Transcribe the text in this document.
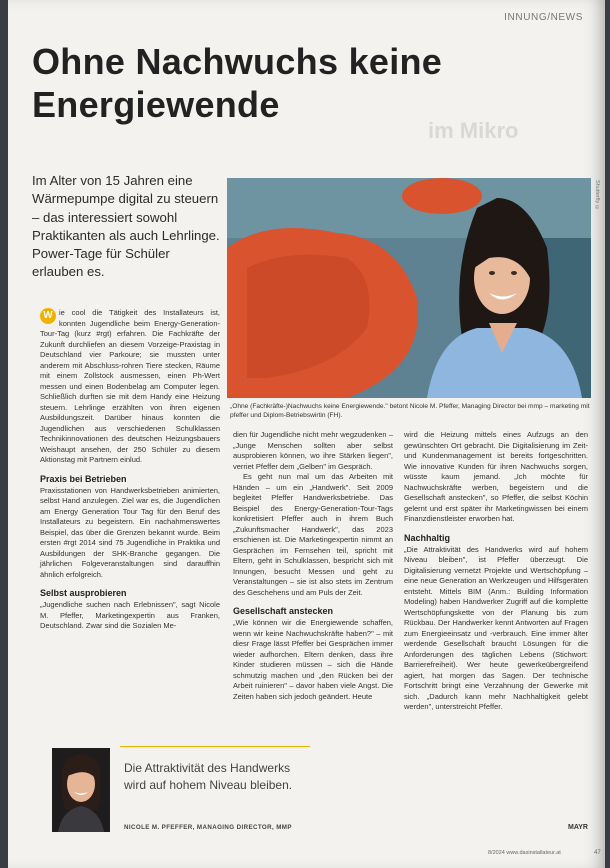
INNUNG/NEWS
im Mikro
Ohne Nachwuchs keine Energiewende
Im Alter von 15 Jahren eine Wärmepumpe digital zu steuern – das interessiert sowohl Praktikanten als auch Lehrlinge. Power-Tage für Schüler erlauben es.
Shutterfly ©
„Ohne (Fachkräfte-)Nachwuchs keine Energiewende." betont Nicole M. Pfeffer, Managing Director bei mmp – marketing mit pfeffer und Diplom-Betriebswirtin (FH).

W ie cool die Tätigkeit des Installateurs ist, konnten Jugendliche beim Energy-Generation-Tour-Tag (kurz #rgt) erfahren. Die Fachkräfte der Zukunft durchliefen an diesem Vorzeige-Praxistag in Deutschland vier Parkoure; sie mussten unter anderem mit Abschluss-rohren Tiere stecken, Räume mit einem Zollstock ausmessen, einen Ph-Wert messen und einen Bodenbelag am Computer legen. Schließlich durften sie mit dem Handy eine Heizung steuern. Lehrlinge erzählten von ihren eigenen Ausbildungszeit. Darüber hinaus konnten die Jugendlichen aus verschiedenen Schulklassen Technikinnovationen des deutschen Heizungsbauers Weishaupt ansehen, der 250 Schüler zu diesem Aktionstag mit Partnern einlud.

Praxis bei Betrieben

Praxisstationen von Handwerksbetrieben animierten, selbst Hand anzulegen. Ziel war es, die Jugendlichen am Energy Generation Tour Tag für den Beruf des Installateurs zu begeistern. Ein nachahmenswertes Beispiel, das über die Grenzen bekannt wurde. Beim ersten #rgt 2014 sind 75 Jugendliche in Praktika und Ausbildungen der SHK-Branche gegangen. Die jährlichen Folgeveranstaltungen sind darauffhin ähnlich erfolgreich.

Selbst ausprobieren

„Jugendliche suchen nach Erlebnissen", sagt Nicole M. Pfeffer, Marketingexpertin aus Franken, Deutschland. Zwar sind die Sozialen Me-

dien für Jugendliche nicht mehr wegzudenken – „Junge Menschen sollten aber selbst ausprobieren können, wo ihre Stärken liegen", verriet Pfeffer dem „Gelben" im Gespräch.

Es geht nun mal um das Arbeiten mit Händen – um ein „Handwerk". Seit 2009 begleitet Pfeffer Handwerksbetriebe. Das Beispiel des Energy-Generation-Tour-Tags konkretisiert Pfeffer auch in ihrem Buch „Zukunftsmacher Handwerk", das 2023 erschienen ist. Die Marketingexpertin nimmt an Gesprächen im Fernsehen teil, spricht mit Eltern, geht in Schulklassen, bespricht sich mit Innungen, besucht Messen und geht zu Veranstaltungen – sie ist also stets im Zentrum des Geschehens und am Puls der Zeit.

Gesellschaft anstecken

„Wie können wir die Energiewende schaffen, wenn wir keine Nachwuchskräfte haben?" – mit diesr Frage lässt Pfeffer bei Gesprächen immer wieder aufhorchen. Eltern denken, dass ihre Kinder studieren müssen – sich die Hände schmutzig machen und „den Rücken bei der Arbeit ruinieren" – davor haben viele Angst. Die Zeiten haben sich jedoch geändert. Heute

wird die Heizung mittels eines Aufzugs an den gewünschten Ort gebracht. Die Digitalisierung im Zeit- und Kundenmanagement ist bereits fortgeschritten. Wie innovative Kunden für ihren Nachwuchs sorgen, wüsste kaum jemand. „Ich möchte für Nachwuchskräfte werben, begeistern und die Gesellschaft anstecken", so Pfeffer, die selbst Köchin gelernt und erst später ihr Marketingwissen bei einem Finanzdienstleister erworben hat.

Nachhaltig

„Die Attraktivität des Handwerks wird auf hohem Niveau bleiben", ist Pfeffer überzeugt. Die Digitalisierung vernetzt Projekte und Wertschöpfung – eine neue Generation an Werkzeugen und Hilfsgeräten entsteht. Mittels BIM (Anm.: Building Information Modeling) haben Handwerker Zugriff auf die komplette Wertschöpfungskette von der Planung bis zum Rückbau. Der Handwerker kennt Antworten auf Fragen zum Energieeinsatz und -verbrauch. Eine immer älter werdende Gesellschaft braucht Lösungen für die Anforderungen des täglichen Lebens (Stichwort: Barrierefreiheit). Wer heute gewerkeübergreifend agiert, hat morgen das Sagen. Der technische Fortschritt bringt eine Verzahnung der Gewerke mit sich. „Dadurch kann mehr Nachhaltigkeit gelebt werden", unterstreicht Pfeffer.

MAYR
Die Attraktivität des Handwerks wird auf hohem Niveau bleiben.
NICOLE M. PFEFFER, MANAGING DIRECTOR, MMP
8/2024 www.dasinstallateur.at	47
